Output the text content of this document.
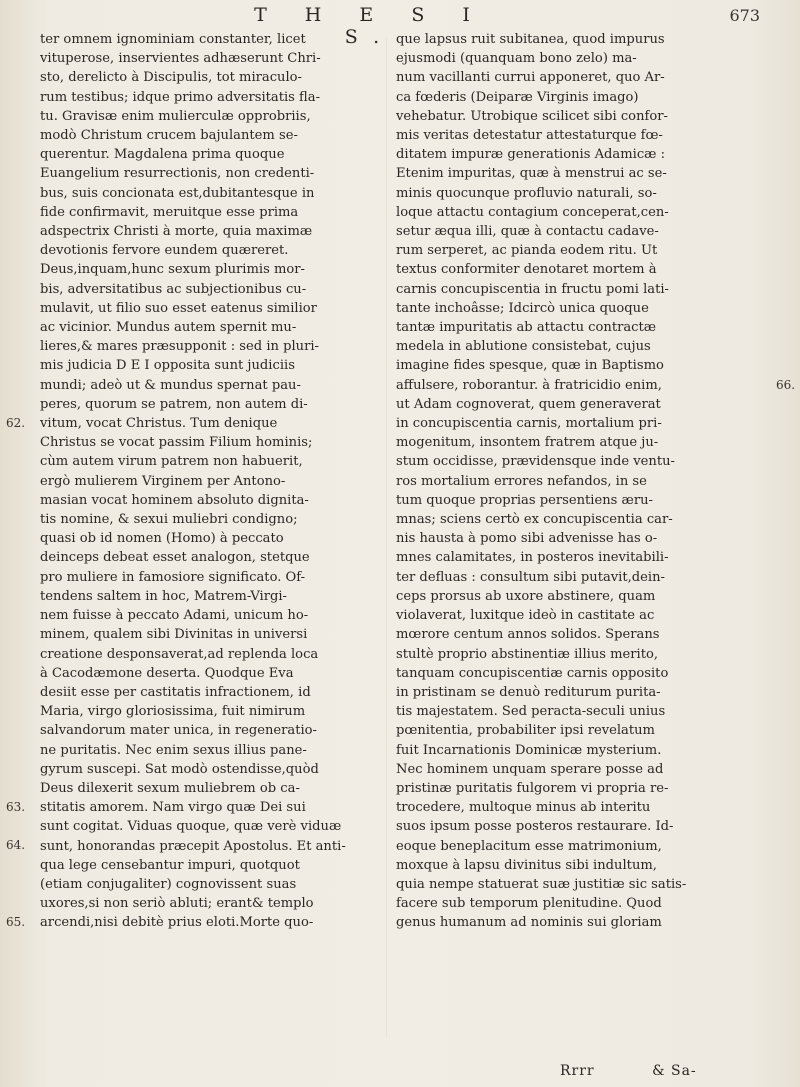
T H E S I S.
673
ter omnem ignominiam constanter, licet
vituperose, inservientes adhæserunt Chri-
sto, derelicto à Discipulis, tot miraculo-
rum testibus; idque primo adversitatis fla-
tu. Gravisæ enim mulierculæ opprobriis,
modò Christum crucem bajulantem se-
querentur. Magdalena prima quoque
Euangelium resurrectionis, non credenti-
bus, suis concionata est,dubitantesque in
fide confirmavit, meruitque esse prima
adspectrix Christi à morte, quia maximæ
devotionis fervore eundem quæreret.
Deus,inquam,hunc sexum plurimis mor-
bis, adversitatibus ac subjectionibus cu-
mulavit, ut filio suo esset eatenus similior
ac vicinior. Mundus autem spernit mu-
lieres,& mares præsupponit : sed in pluri-
mis judicia D E I opposita sunt judiciis
mundi; adeò ut & mundus spernat pau-
peres, quorum se patrem, non autem di-
vitum, vocat Christus. Tum denique
Christus se vocat passim Filium hominis;
cùm autem virum patrem non habuerit,
ergò mulierem Virginem per Antono-
masian vocat hominem absoluto dignita-
tis nomine, & sexui muliebri condigno;
quasi ob id nomen (Homo) à peccato
deinceps debeat esset analogon, stetque
pro muliere in famosiore significato. Of-
tendens saltem in hoc, Matrem-Virgi-
nem fuisse à peccato Adami, unicum ho-
minem, qualem sibi Divinitas in universi
creatione desponsaverat,ad replenda loca
à Cacodæmone deserta. Quodque Eva
desiit esse per castitatis infractionem, id
Maria, virgo gloriosissima, fuit nimirum
salvandorum mater unica, in regeneratio-
ne puritatis. Nec enim sexus illius pane-
gyrum suscepi. Sat modò ostendisse,quòd
Deus dilexerit sexum muliebrem ob ca-
stitatis amorem. Nam virgo quæ Dei sui
sunt cogitat. Viduas quoque, quæ verè viduæ
sunt, honorandas præcepit Apostolus. Et anti-
qua lege censebantur impuri, quotquot
(etiam conjugaliter) cognovissent suas
uxores,si non seriò abluti; erant& templo
arcendi,nisi debitè prius eloti.Morte quo-
que lapsus ruit subitanea, quod impurus
ejusmodi (quanquam bono zelo) ma-
num vacillanti currui apponeret, quo Ar-
ca fœderis (Deiparæ Virginis imago)
vehebatur. Utrobique scilicet sibi confor-
mis veritas detestatur attestaturque fœ-
ditatem impuræ generationis Adamicæ :
Etenim impuritas, quæ à menstrui ac se-
minis quocunque profluvio naturali, so-
loque attactu contagium conceperat,cen-
setur æqua illi, quæ à contactu cadave-
rum serperet, ac pianda eodem ritu. Ut
textus conformiter denotaret mortem à
carnis concupiscentia in fructu pomi lati-
tante inchoâsse; Idcircò unica quoque
tantæ impuritatis ab attactu contractæ
medela in ablutione consistebat, cujus
imagine fides spesque, quæ in Baptismo
affulsere, roborantur. à fratricidio enim,
ut Adam cognoverat, quem generaverat
in concupiscentia carnis, mortalium pri-
mogenitum, insontem fratrem atque ju-
stum occidisse, prævidensque inde ventu-
ros mortalium errores nefandos, in se
tum quoque proprias persentiens æru-
mnas; sciens certò ex concupiscentia car-
nis hausta à pomo sibi advenisse has o-
mnes calamitates, in posteros inevitabili-
ter defluas : consultum sibi putavit,dein-
ceps prorsus ab uxore abstinere, quam
violaverat, luxitque ideò in castitate ac
mœrore centum annos solidos. Sperans
stultè proprio abstinentiæ illius merito,
tanquam concupiscentiæ carnis opposito
in pristinam se denuò rediturum purita-
tis majestatem. Sed peracta-seculi unius
pœnitentia, probabiliter ipsi revelatum
fuit Incarnationis Dominicæ mysterium.
Nec hominem unquam sperare posse ad
pristinæ puritatis fulgorem vi propria re-
trocedere, multoque minus ab interitu
suos ipsum posse posteros restaurare. Id-
eoque beneplacitum esse matrimonium,
moxque à lapsu divinitus sibi indultum,
quia nempe statuerat suæ justitiæ sic satis-
facere sub temporum plenitudine. Quod
genus humanum ad nominis sui gloriam
62.
63.
64.
65.
66.
Rrrr	& Sa-
